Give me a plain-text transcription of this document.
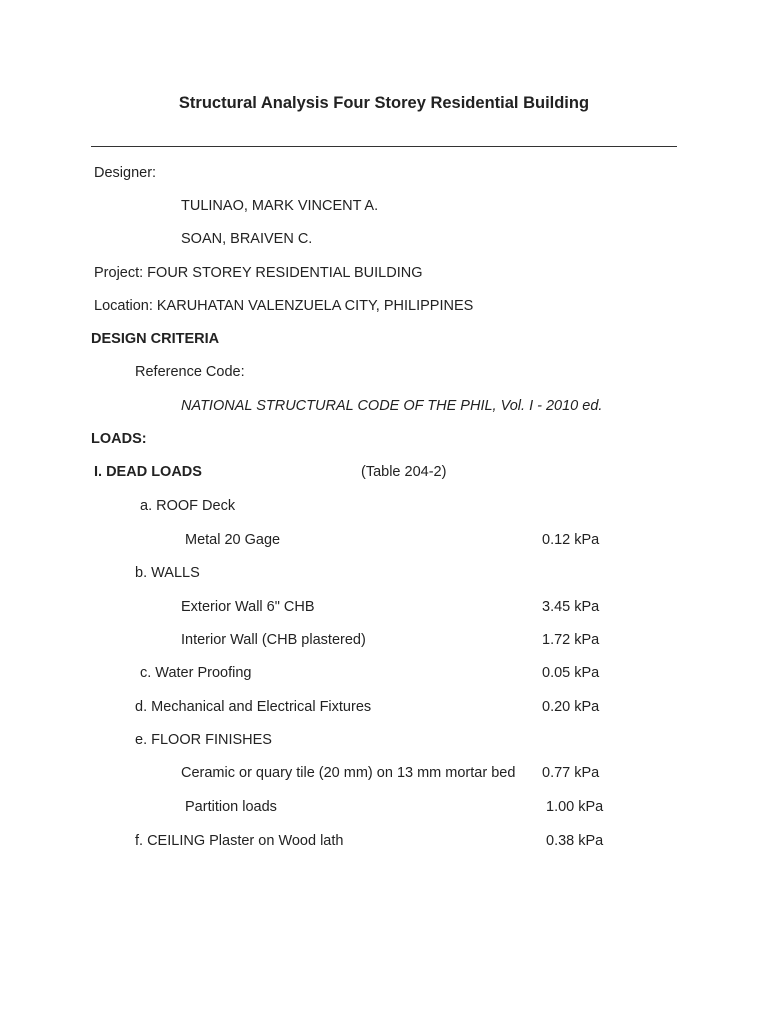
Structural Analysis Four Storey Residential Building
Designer:
TULINAO, MARK VINCENT A.
SOAN, BRAIVEN C.
Project: FOUR STOREY RESIDENTIAL BUILDING
Location: KARUHATAN VALENZUELA CITY, PHILIPPINES
DESIGN CRITERIA
Reference Code:
NATIONAL STRUCTURAL CODE OF THE PHIL, Vol. I - 2010 ed.
LOADS:
I. DEAD LOADS	(Table 204-2)
a. ROOF Deck
Metal 20 Gage	0.12 kPa
b. WALLS
Exterior Wall 6" CHB	3.45 kPa
Interior Wall (CHB plastered)	1.72 kPa
c. Water Proofing	0.05 kPa
d. Mechanical and Electrical Fixtures	0.20 kPa
e. FLOOR FINISHES
Ceramic or quary tile (20 mm) on 13 mm mortar bed 0.77 kPa
Partition loads	1.00 kPa
f. CEILING Plaster on Wood lath	0.38 kPa
